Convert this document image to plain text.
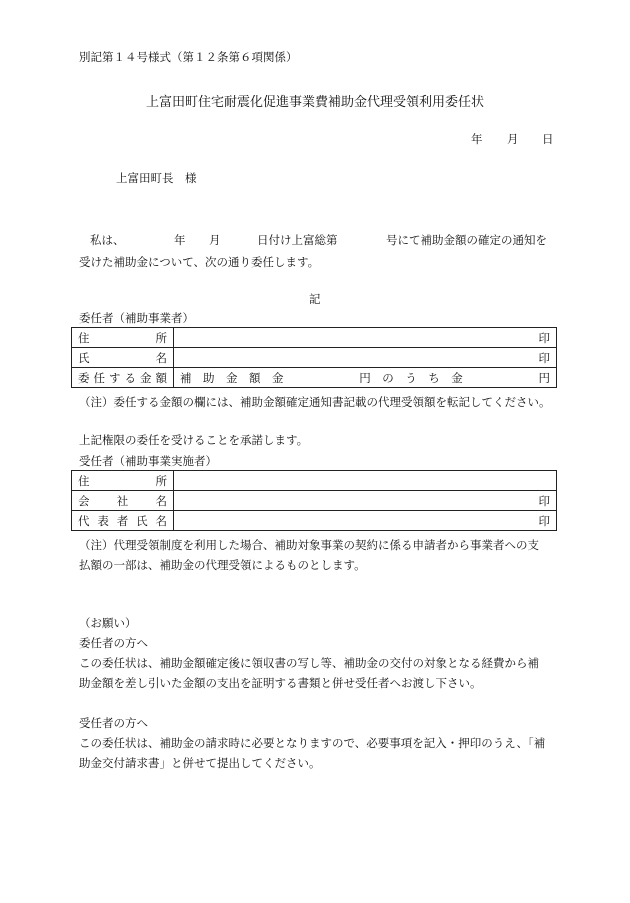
別記第１４号様式（第１２条第６項関係）
上富田町住宅耐震化促進事業費補助金代理受領利用委任状
年 月 日
上富田町長　様
私は、	年 月	日付け上富総第	号にて補助金額の確定の通知を
受けた補助金について、次の通り委任します。
記
委任者（補助事業者）
住　　　所	印
氏　　　名	印
委任する金額	補　助　金　額　金 円　の　う　ち　金 円
（注）委任する金額の欄には、補助金額確定通知書記載の代理受領額を転記してください。
上記権限の委任を受けることを承諾します。
受任者（補助事業実施者）
住　　　所	
会　　社　　名	印
代表者氏名	印
（注）代理受領制度を利用した場合、補助対象事業の契約に係る申請者から事業者への支
払額の一部は、補助金の代理受領によるものとします。
（お願い）
委任者の方へ
この委任状は、補助金額確定後に領収書の写し等、補助金の交付の対象となる経費から補
助金額を差し引いた金額の支出を証明する書類と併せ受任者へお渡し下さい。
受任者の方へ
この委任状は、補助金の請求時に必要となりますので、必要事項を記入・押印のうえ、「補
助金交付請求書」と併せて提出してください。
